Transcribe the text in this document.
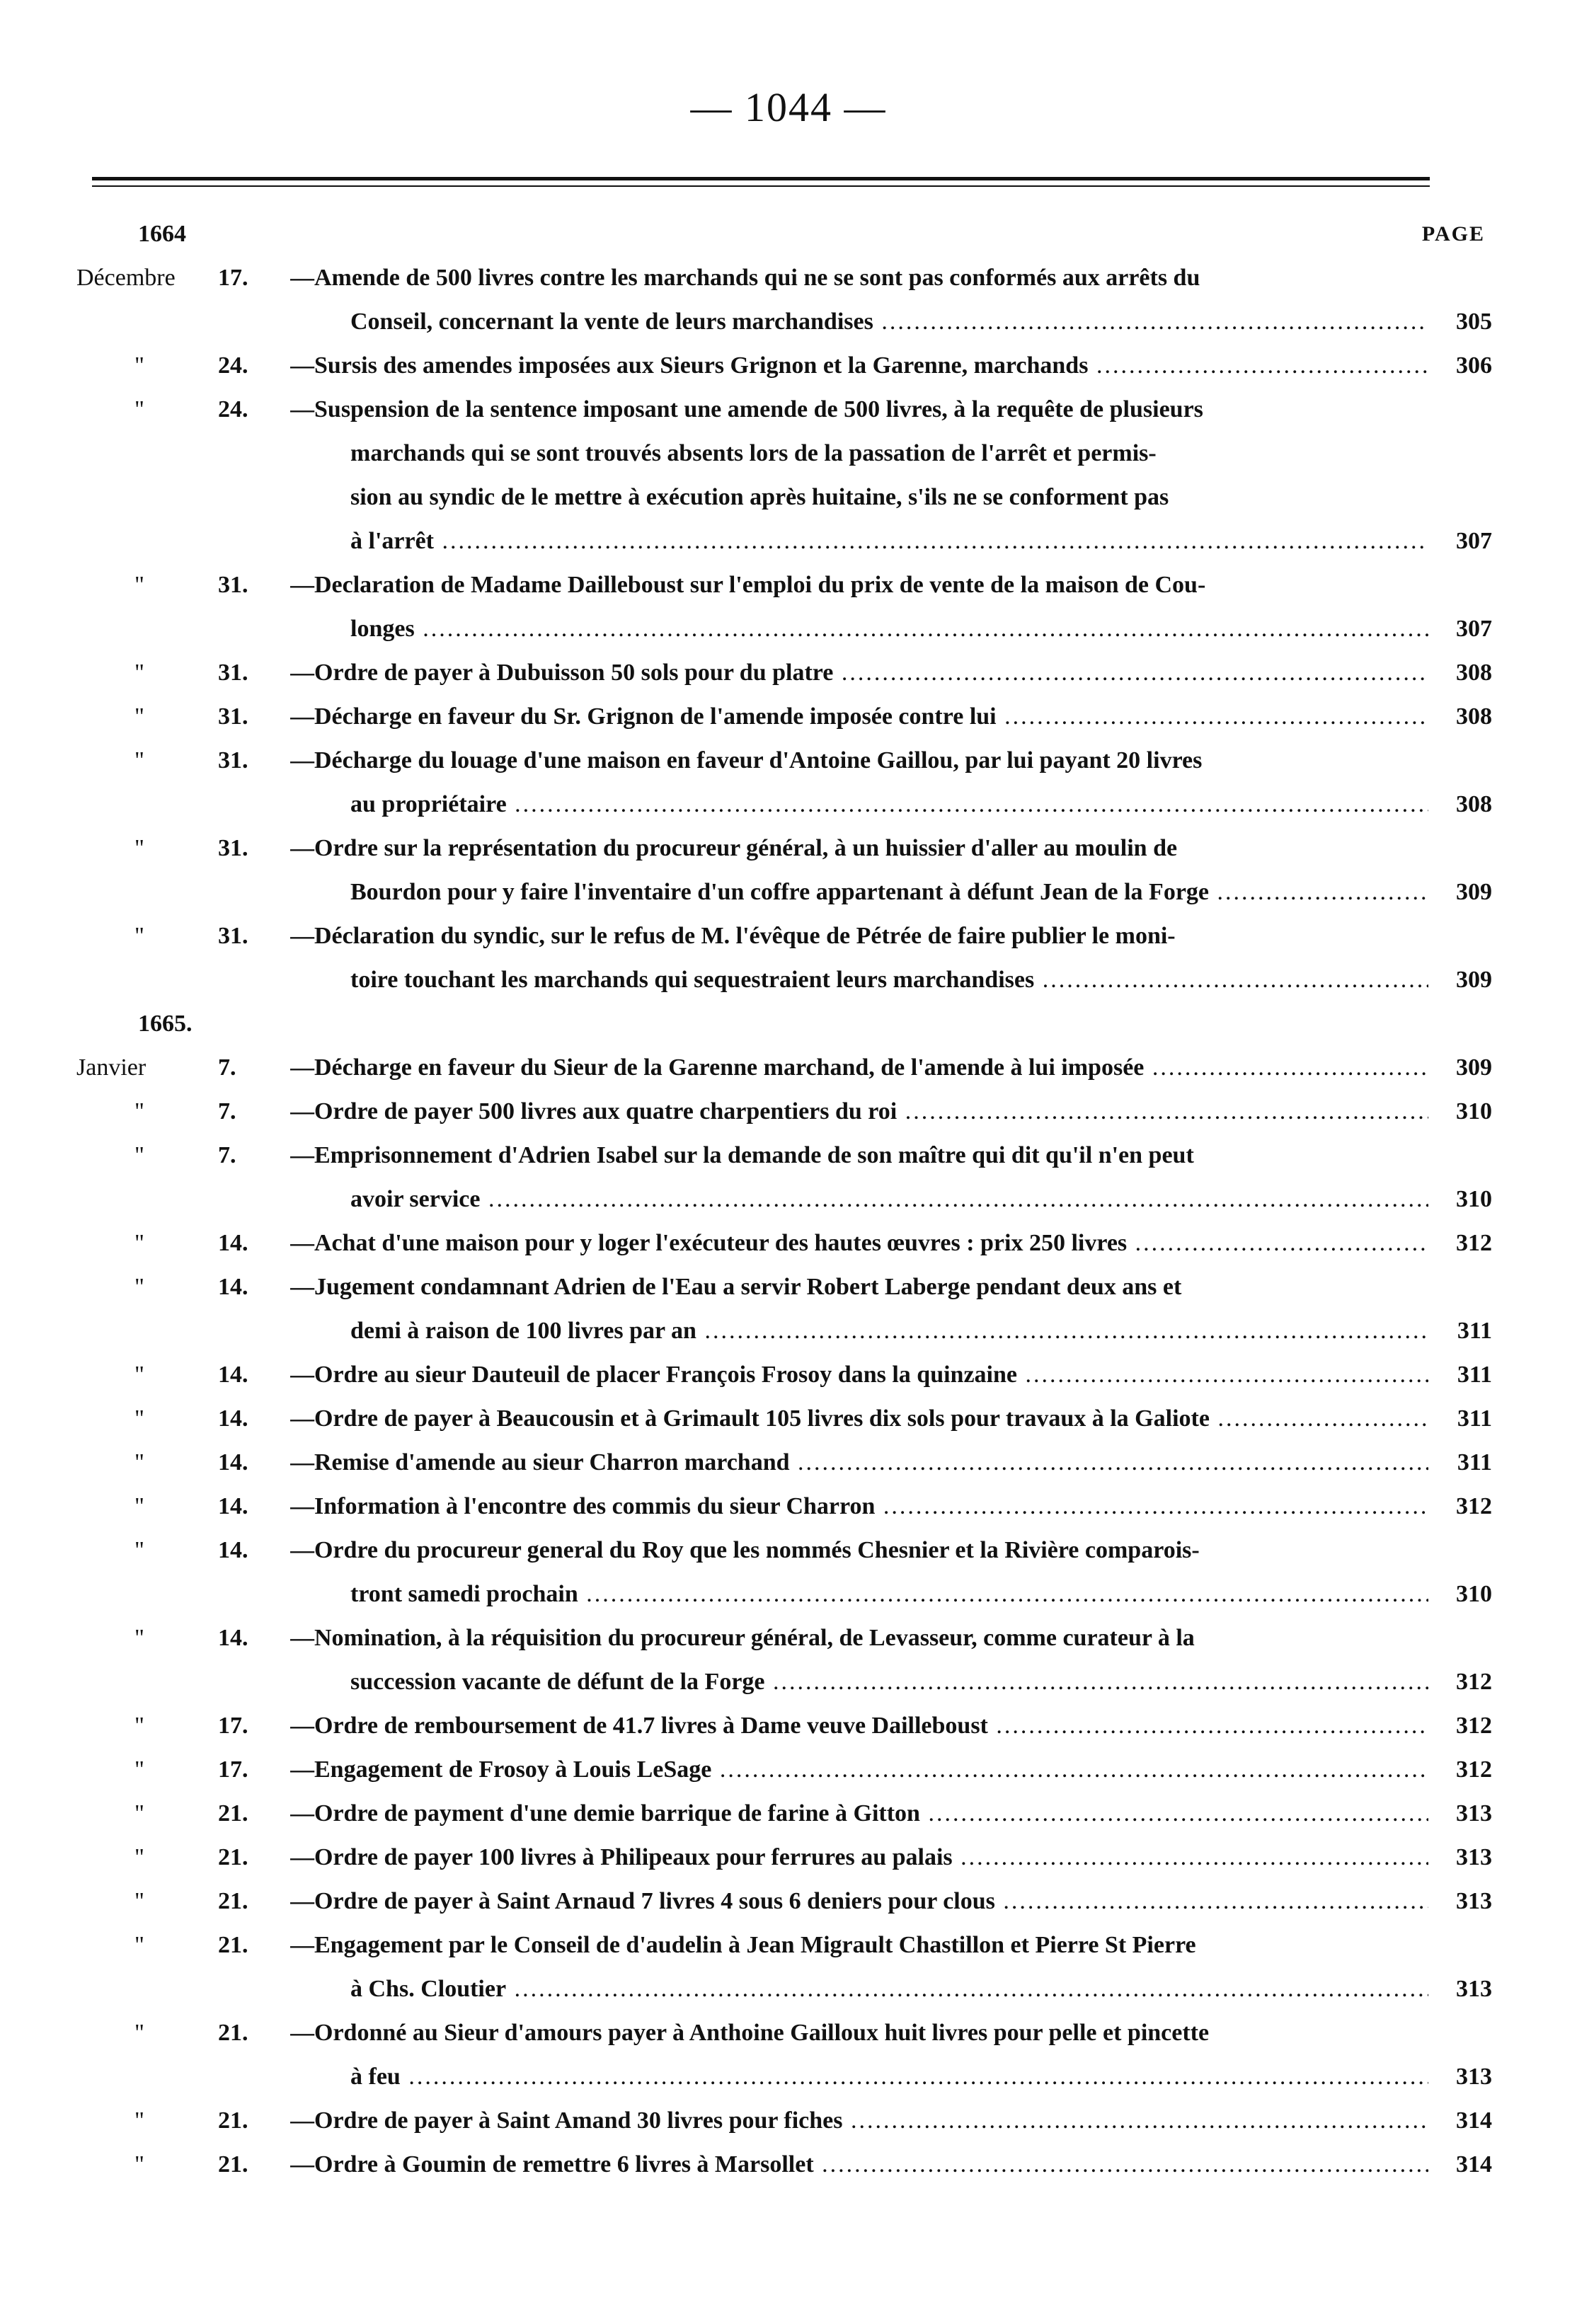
— 1044 —
1664	PAGE
Décembre 17. —Amende de 500 livres contre les marchands qui ne se sont pas conformés aux arrêts du
Conseil, concernant la vente de leurs marchandises .....	305
"	24. —Sursis des amendes imposées aux Sieurs Grignon et la Garenne, marchands .....	306
"	24. —Suspension de la sentence imposant une amende de 500 livres, à la requête de plusieurs
marchands qui se sont trouvés absents lors de la passation de l'arrêt et permis-
sion au syndic de le mettre à exécution après huitaine, s'ils ne se conforment pas
à l'arrêt .....	307
"	31. —Declaration de Madame Dailleboust sur l'emploi du prix de vente de la maison de Cou-
longes .....	307
"	31. —Ordre de payer à Dubuisson 50 sols pour du platre .....	308
"	31. —Décharge en faveur du Sr. Grignon de l'amende imposée contre lui .....	308
"	31. —Décharge du louage d'une maison en faveur d'Antoine Gaillou, par lui payant 20 livres
au propriétaire .....	308
"	31. —Ordre sur la représentation du procureur général, à un huissier d'aller au moulin de
Bourdon pour y faire l'inventaire d'un coffre appartenant à défunt Jean de la Forge .....	309
"	31. —Déclaration du syndic, sur le refus de M. l'évêque de Pétrée de faire publier le moni-
toire touchant les marchands qui sequestraient leurs marchandises .....	309
1665.
Janvier	7. —Décharge en faveur du Sieur de la Garenne marchand, de l'amende à lui imposée .....	309
"	7. —Ordre de payer 500 livres aux quatre charpentiers du roi .....	310
"	7. —Emprisonnement d'Adrien Isabel sur la demande de son maître qui dit qu'il n'en peut
avoir service .....	310
"	14. —Achat d'une maison pour y loger l'exécuteur des hautes œuvres : prix 250 livres .....	312
"	14. —Jugement condamnant Adrien de l'Eau a servir Robert Laberge pendant deux ans et
demi à raison de 100 livres par an .....	311
"	14. —Ordre au sieur Dauteuil de placer François Frosoy dans la quinzaine .....	311
"	14. —Ordre de payer à Beaucousin et à Grimault 105 livres dix sols pour travaux à la Galiote .....	311
"	14. —Remise d'amende au sieur Charron marchand .....	311
"	14. —Information à l'encontre des commis du sieur Charron .....	312
"	14. —Ordre du procureur general du Roy que les nommés Chesnier et la Rivière comparois-
tront samedi prochain .....	310
"	14. —Nomination, à la réquisition du procureur général, de Levasseur, comme curateur à la
succession vacante de défunt de la Forge .....	312
"	17. —Ordre de remboursement de 41.7 livres à Dame veuve Dailleboust .....	312
"	17. —Engagement de Frosoy à Louis LeSage .....	312
"	21. —Ordre de payment d'une demie barrique de farine à Gitton .....	313
"	21. —Ordre de payer 100 livres à Philipeaux pour ferrures au palais .....	313
"	21. —Ordre de payer à Saint Arnaud 7 livres 4 sous 6 deniers pour clous .....	313
"	21. —Engagement par le Conseil de d'audelin à Jean Migrault Chastillon et Pierre St Pierre
à Chs. Cloutier .....	313
"	21. —Ordonné au Sieur d'amours payer à Anthoine Gailloux huit livres pour pelle et pincette
à feu .....	313
"	21. —Ordre de payer à Saint Amand 30 livres pour fiches .....	314
"	21. —Ordre à Goumin de remettre 6 livres à Marsollet .....	314
